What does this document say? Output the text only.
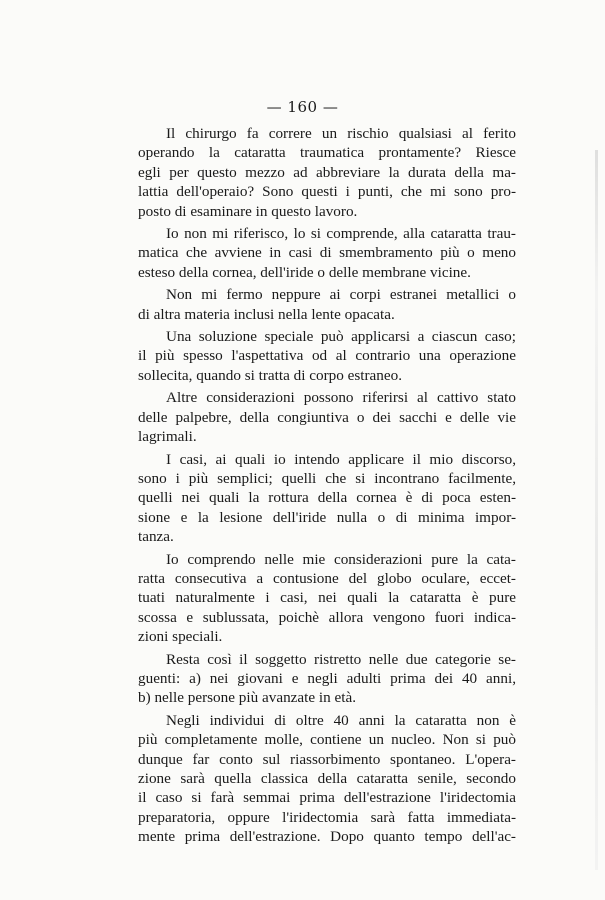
— 160 —
Il chirurgo fa correre un rischio qualsiasi al ferito
operando la cataratta traumatica prontamente? Riesce
egli per questo mezzo ad abbreviare la durata della ma-
lattia dell'operaio? Sono questi i punti, che mi sono pro-
posto di esaminare in questo lavoro.
Io non mi riferisco, lo si comprende, alla cataratta trau-
matica che avviene in casi di smembramento più o meno
esteso della cornea, dell'iride o delle membrane vicine.
Non mi fermo neppure ai corpi estranei metallici o
di altra materia inclusi nella lente opacata.
Una soluzione speciale può applicarsi a ciascun caso;
il più spesso l'aspettativa od al contrario una operazione
sollecita, quando si tratta di corpo estraneo.
Altre considerazioni possono riferirsi al cattivo stato
delle palpebre, della congiuntiva o dei sacchi e delle vie
lagrimali.
I casi, ai quali io intendo applicare il mio discorso,
sono i più semplici; quelli che si incontrano facilmente,
quelli nei quali la rottura della cornea è di poca esten-
sione e la lesione dell'iride nulla o di minima impor-
tanza.
Io comprendo nelle mie considerazioni pure la cata-
ratta consecutiva a contusione del globo oculare, eccet-
tuati naturalmente i casi, nei quali la cataratta è pure
scossa e sublussata, poichè allora vengono fuori indica-
zioni speciali.
Resta così il soggetto ristretto nelle due categorie se-
guenti: a) nei giovani e negli adulti prima dei 40 anni,
b) nelle persone più avanzate in età.
Negli individui di oltre 40 anni la cataratta non è
più completamente molle, contiene un nucleo. Non si può
dunque far conto sul riassorbimento spontaneo. L'opera-
zione sarà quella classica della cataratta senile, secondo
il caso si farà semmai prima dell'estrazione l'iridectomia
preparatoria, oppure l'iridectomia sarà fatta immediata-
mente prima dell'estrazione. Dopo quanto tempo dell'ac-
